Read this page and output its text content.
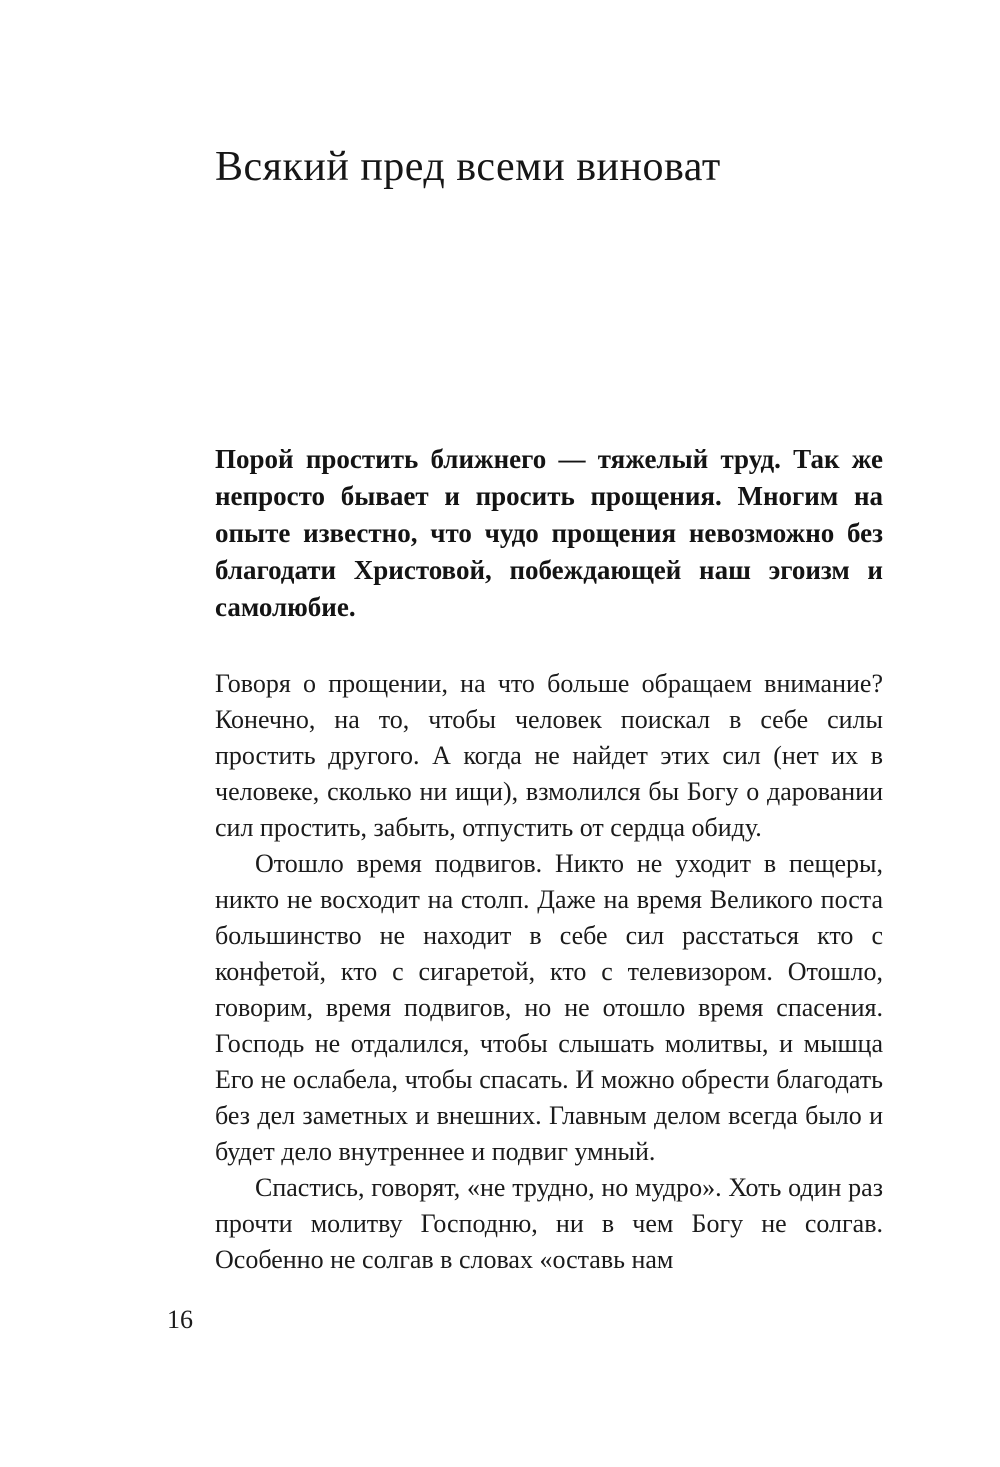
Всякий пред всеми виноват

Порой простить ближнего — тяжелый труд. Так же непросто бывает и просить прощения. Многим на опыте известно, что чудо прощения невозможно без благодати Христовой, побеждающей наш эгоизм и самолюбие.

Говоря о прощении, на что больше обращаем внимание? Конечно, на то, чтобы человек поискал в себе силы простить другого. А когда не найдет этих сил (нет их в человеке, сколько ни ищи), взмолился бы Богу о даровании сил простить, забыть, отпустить от сердца обиду.

Отошло время подвигов. Никто не уходит в пещеры, никто не восходит на столп. Даже на время Великого поста большинство не находит в себе сил расстаться кто с конфетой, кто с сигаретой, кто с телевизором. Отошло, говорим, время подвигов, но не отошло время спасения. Господь не отдалился, чтобы слышать молитвы, и мышца Его не ослабела, чтобы спасать. И можно обрести благодать без дел заметных и внешних. Главным делом всегда было и будет дело внутреннее и подвиг умный.

Спастись, говорят, «не трудно, но мудро». Хоть один раз прочти молитву Господню, ни в чем Богу не солгав. Особенно не солгав в словах «оставь нам

16
